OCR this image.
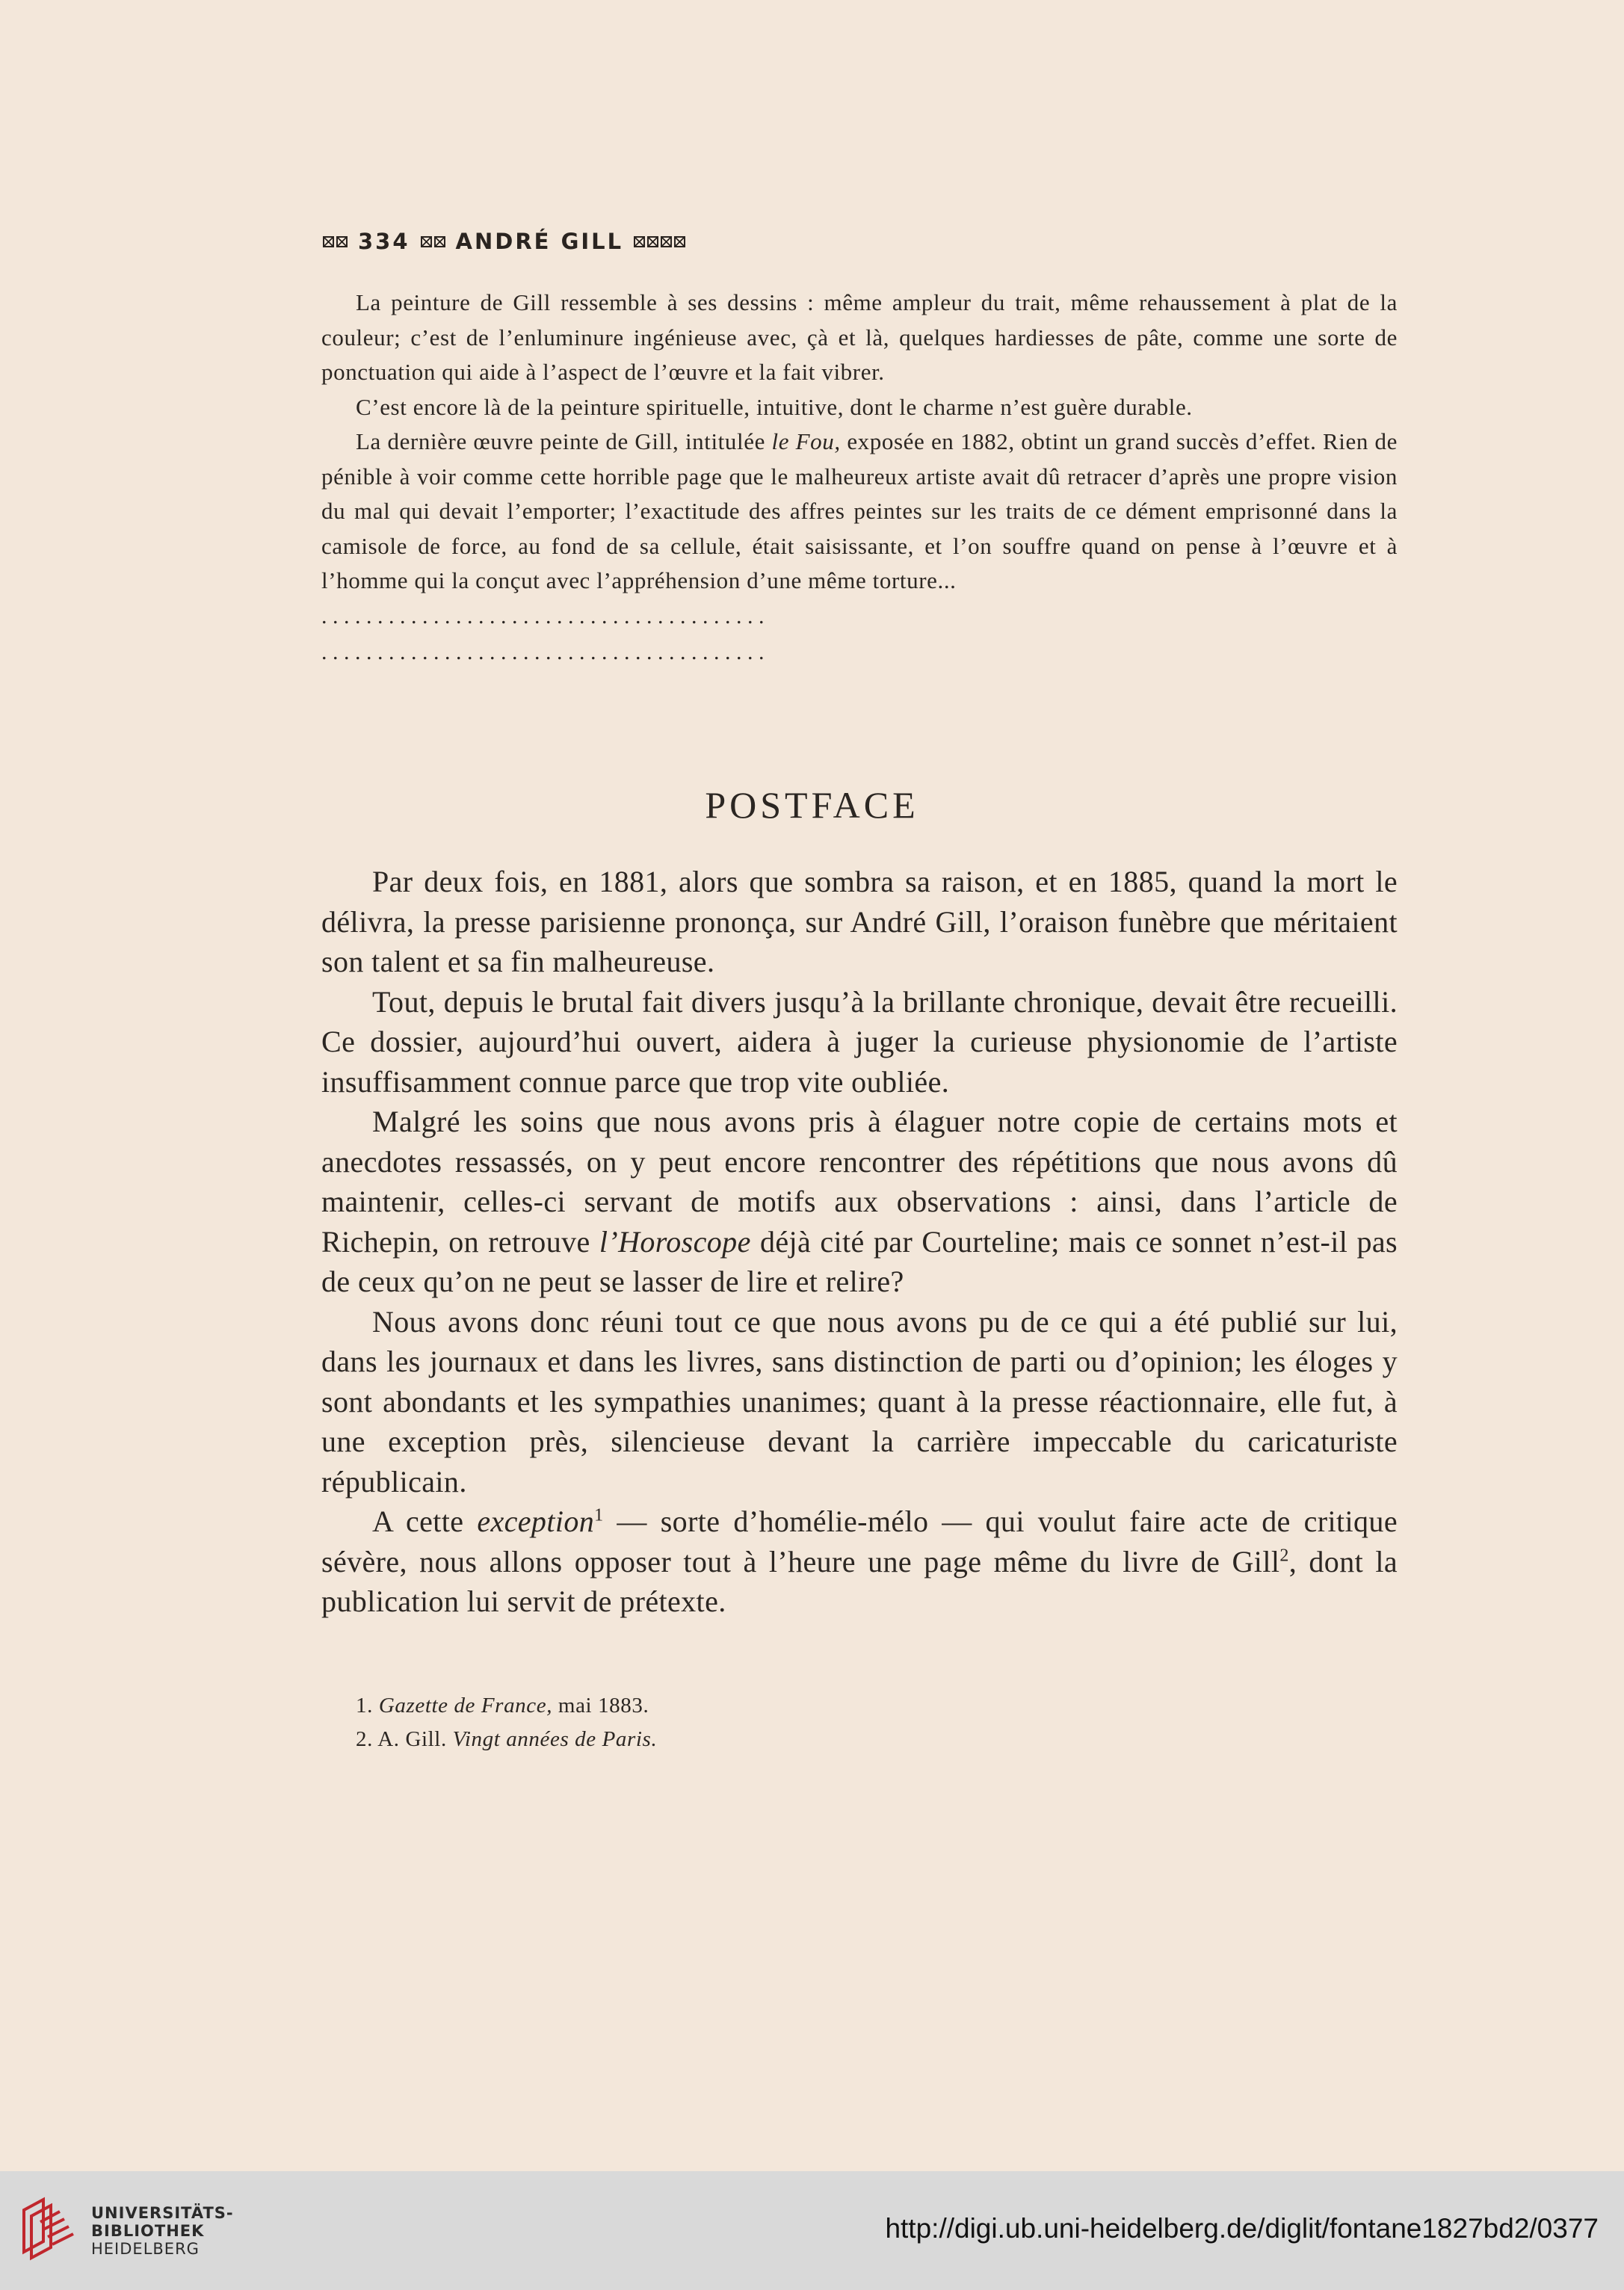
334 ANDRÉ GILL

La peinture de Gill ressemble à ses dessins : même ampleur du trait, même rehaussement à plat de la couleur; c’est de l’enluminure ingénieuse avec, çà et là, quelques hardiesses de pâte, comme une sorte de ponctuation qui aide à l’aspect de l’œuvre et la fait vibrer.

C’est encore là de la peinture spirituelle, intuitive, dont le charme n’est guère durable.

La dernière œuvre peinte de Gill, intitulée le Fou, exposée en 1882, obtint un grand succès d’effet. Rien de pénible à voir comme cette horrible page que le malheureux artiste avait dû retracer d’après une propre vision du mal qui devait l’emporter; l’exactitude des affres peintes sur les traits de ce dément emprisonné dans la camisole de force, au fond de sa cellule, était saisissante, et l’on souffre quand on pense à l’œuvre et à l’homme qui la conçut avec l’appréhension d’une même torture...

. . . . . . . . . . . . . . . . . . . . . . . . . . . . . . . . . . . . . . . .

. . . . . . . . . . . . . . . . . . . . . . . . . . . . . . . . . . . . . . . .

POSTFACE

Par deux fois, en 1881, alors que sombra sa raison, et en 1885, quand la mort le délivra, la presse parisienne prononça, sur André Gill, l’oraison funèbre que méritaient son talent et sa fin malheureuse.

Tout, depuis le brutal fait divers jusqu’à la brillante chronique, devait être recueilli. Ce dossier, aujourd’hui ouvert, aidera à juger la curieuse physionomie de l’artiste insuffisamment connue parce que trop vite oubliée.

Malgré les soins que nous avons pris à élaguer notre copie de certains mots et anecdotes ressassés, on y peut encore rencontrer des répétitions que nous avons dû maintenir, celles-ci servant de motifs aux observations : ainsi, dans l’article de Richepin, on retrouve l’Horoscope déjà cité par Courteline; mais ce sonnet n’est-il pas de ceux qu’on ne peut se lasser de lire et relire?

Nous avons donc réuni tout ce que nous avons pu de ce qui a été publié sur lui, dans les journaux et dans les livres, sans distinction de parti ou d’opinion; les éloges y sont abondants et les sympathies unanimes; quant à la presse réactionnaire, elle fut, à une exception près, silencieuse devant la carrière impeccable du caricaturiste républicain.

A cette exception$^1$ — sorte d’homélie-mélo — qui voulut faire acte de critique sévère, nous allons opposer tout à l’heure une page même du livre de Gill$^2$, dont la publication lui servit de prétexte.

1. Gazette de France, mai 1883.
2. A. Gill. Vingt années de Paris.
UNIVERSITÄTS-
BIBLIOTHEK
HEIDELBERG
http://digi.ub.uni-heidelberg.de/diglit/fontane1827bd2/0377
